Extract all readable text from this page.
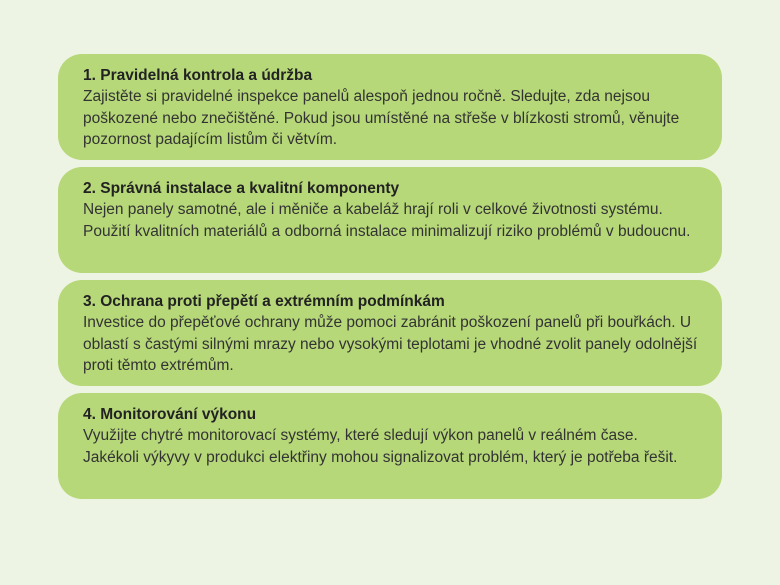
1. Pravidelná kontrola a údržba

Zajistěte si pravidelné inspekce panelů alespoň jednou ročně. Sledujte, zda nejsou poškozené nebo znečištěné. Pokud jsou umístěné na střeše v blízkosti stromů, věnujte pozornost padajícím listům či větvím.

2. Správná instalace a kvalitní komponenty

Nejen panely samotné, ale i měniče a kabeláž hrají roli v celkové životnosti systému. Použití kvalitních materiálů a odborná instalace minimalizují riziko problémů v budoucnu.

3. Ochrana proti přepětí a extrémním podmínkám

Investice do přepěťové ochrany může pomoci zabránit poškození panelů při bouřkách. U oblastí s častými silnými mrazy nebo vysokými teplotami je vhodné zvolit panely odolnější proti těmto extrémům.

4. Monitorování výkonu

Využijte chytré monitorovací systémy, které sledují výkon panelů v reálném čase. Jakékoli výkyvy v produkci elektřiny mohou signalizovat problém, který je potřeba řešit.
